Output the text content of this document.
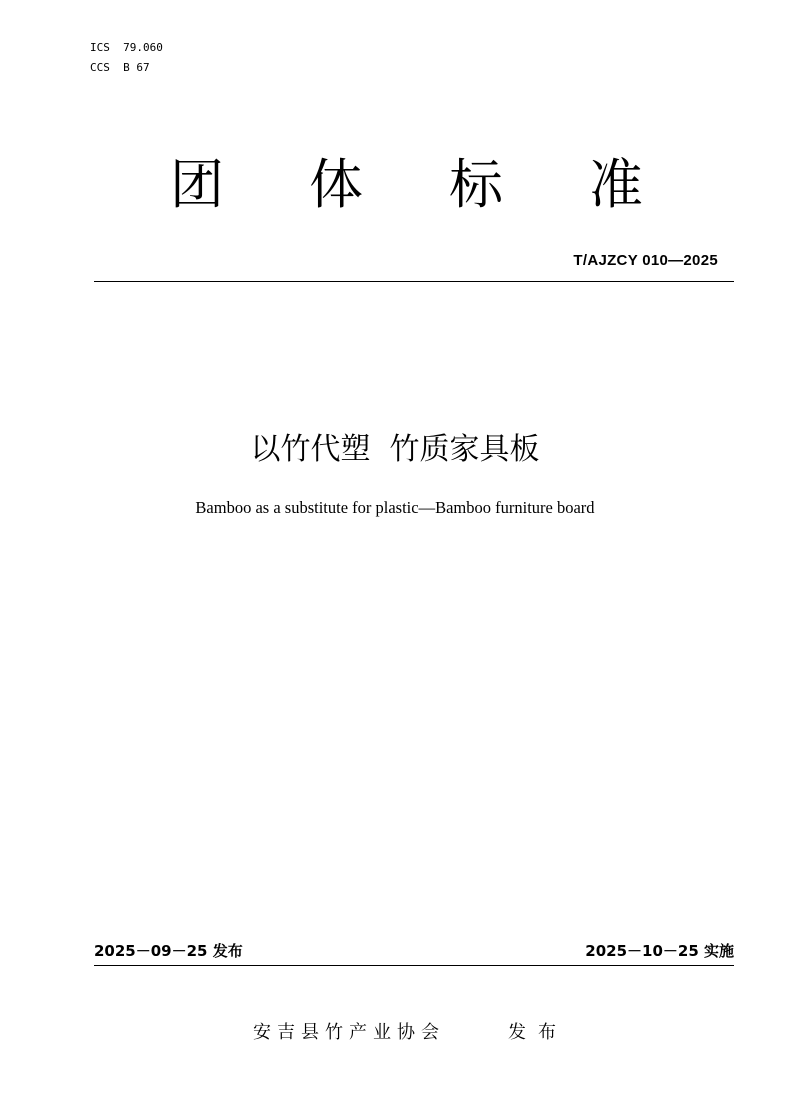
ICS  79.060
CCS  B 67
团 体 标 准
T/AJZCY 010—2025
以竹代塑  竹质家具板
Bamboo as a substitute for plastic—Bamboo furniture board
2025－09－25 发布	2025－10－25 实施
安吉县竹产业协会	发布
